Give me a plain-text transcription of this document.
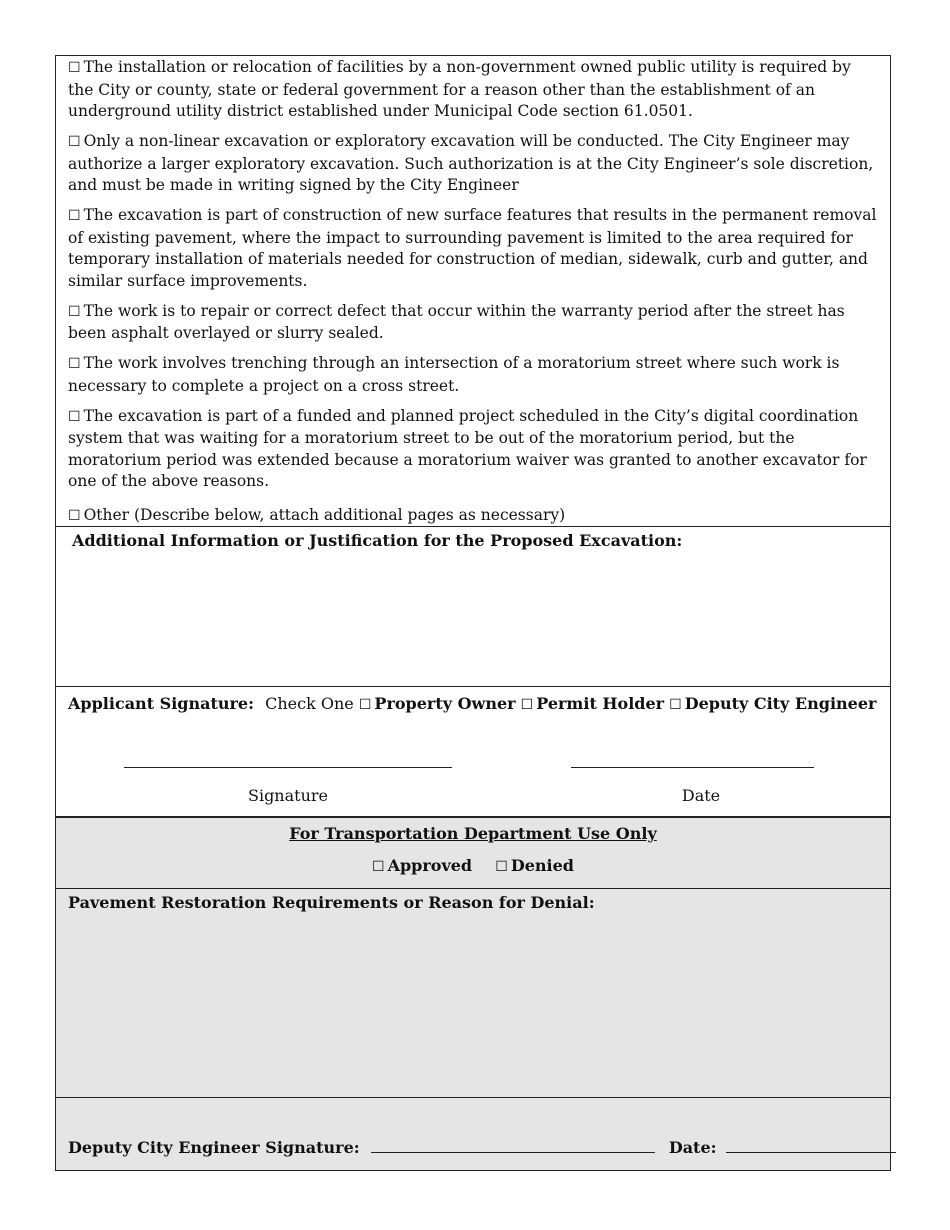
☐ The installation or relocation of facilities by a non-government owned public utility is required by the City or county, state or federal government for a reason other than the establishment of an underground utility district established under Municipal Code section 61.0501.

☐ Only a non-linear excavation or exploratory excavation will be conducted. The City Engineer may authorize a larger exploratory excavation. Such authorization is at the City Engineer’s sole discretion, and must be made in writing signed by the City Engineer

☐ The excavation is part of construction of new surface features that results in the permanent removal of existing pavement, where the impact to surrounding pavement is limited to the area required for temporary installation of materials needed for construction of median, sidewalk, curb and gutter, and similar surface improvements.

☐ The work is to repair or correct defect that occur within the warranty period after the street has been asphalt overlayed or slurry sealed.

☐ The work involves trenching through an intersection of a moratorium street where such work is necessary to complete a project on a cross street.

☐ The excavation is part of a funded and planned project scheduled in the City’s digital coordination system that was waiting for a moratorium street to be out of the moratorium period, but the moratorium period was extended because a moratorium waiver was granted to another excavator for one of the above reasons.

☐ Other (Describe below, attach additional pages as necessary)

Additional Information or Justification for the Proposed Excavation:
Applicant Signature: Check One ☐ Property Owner ☐ Permit Holder ☐ Deputy City Engineer
Signature	Date
For Transportation Department Use Only
☐ Approved ☐ Denied
Pavement Restoration Requirements or Reason for Denial:
Deputy City Engineer Signature:	Date:
